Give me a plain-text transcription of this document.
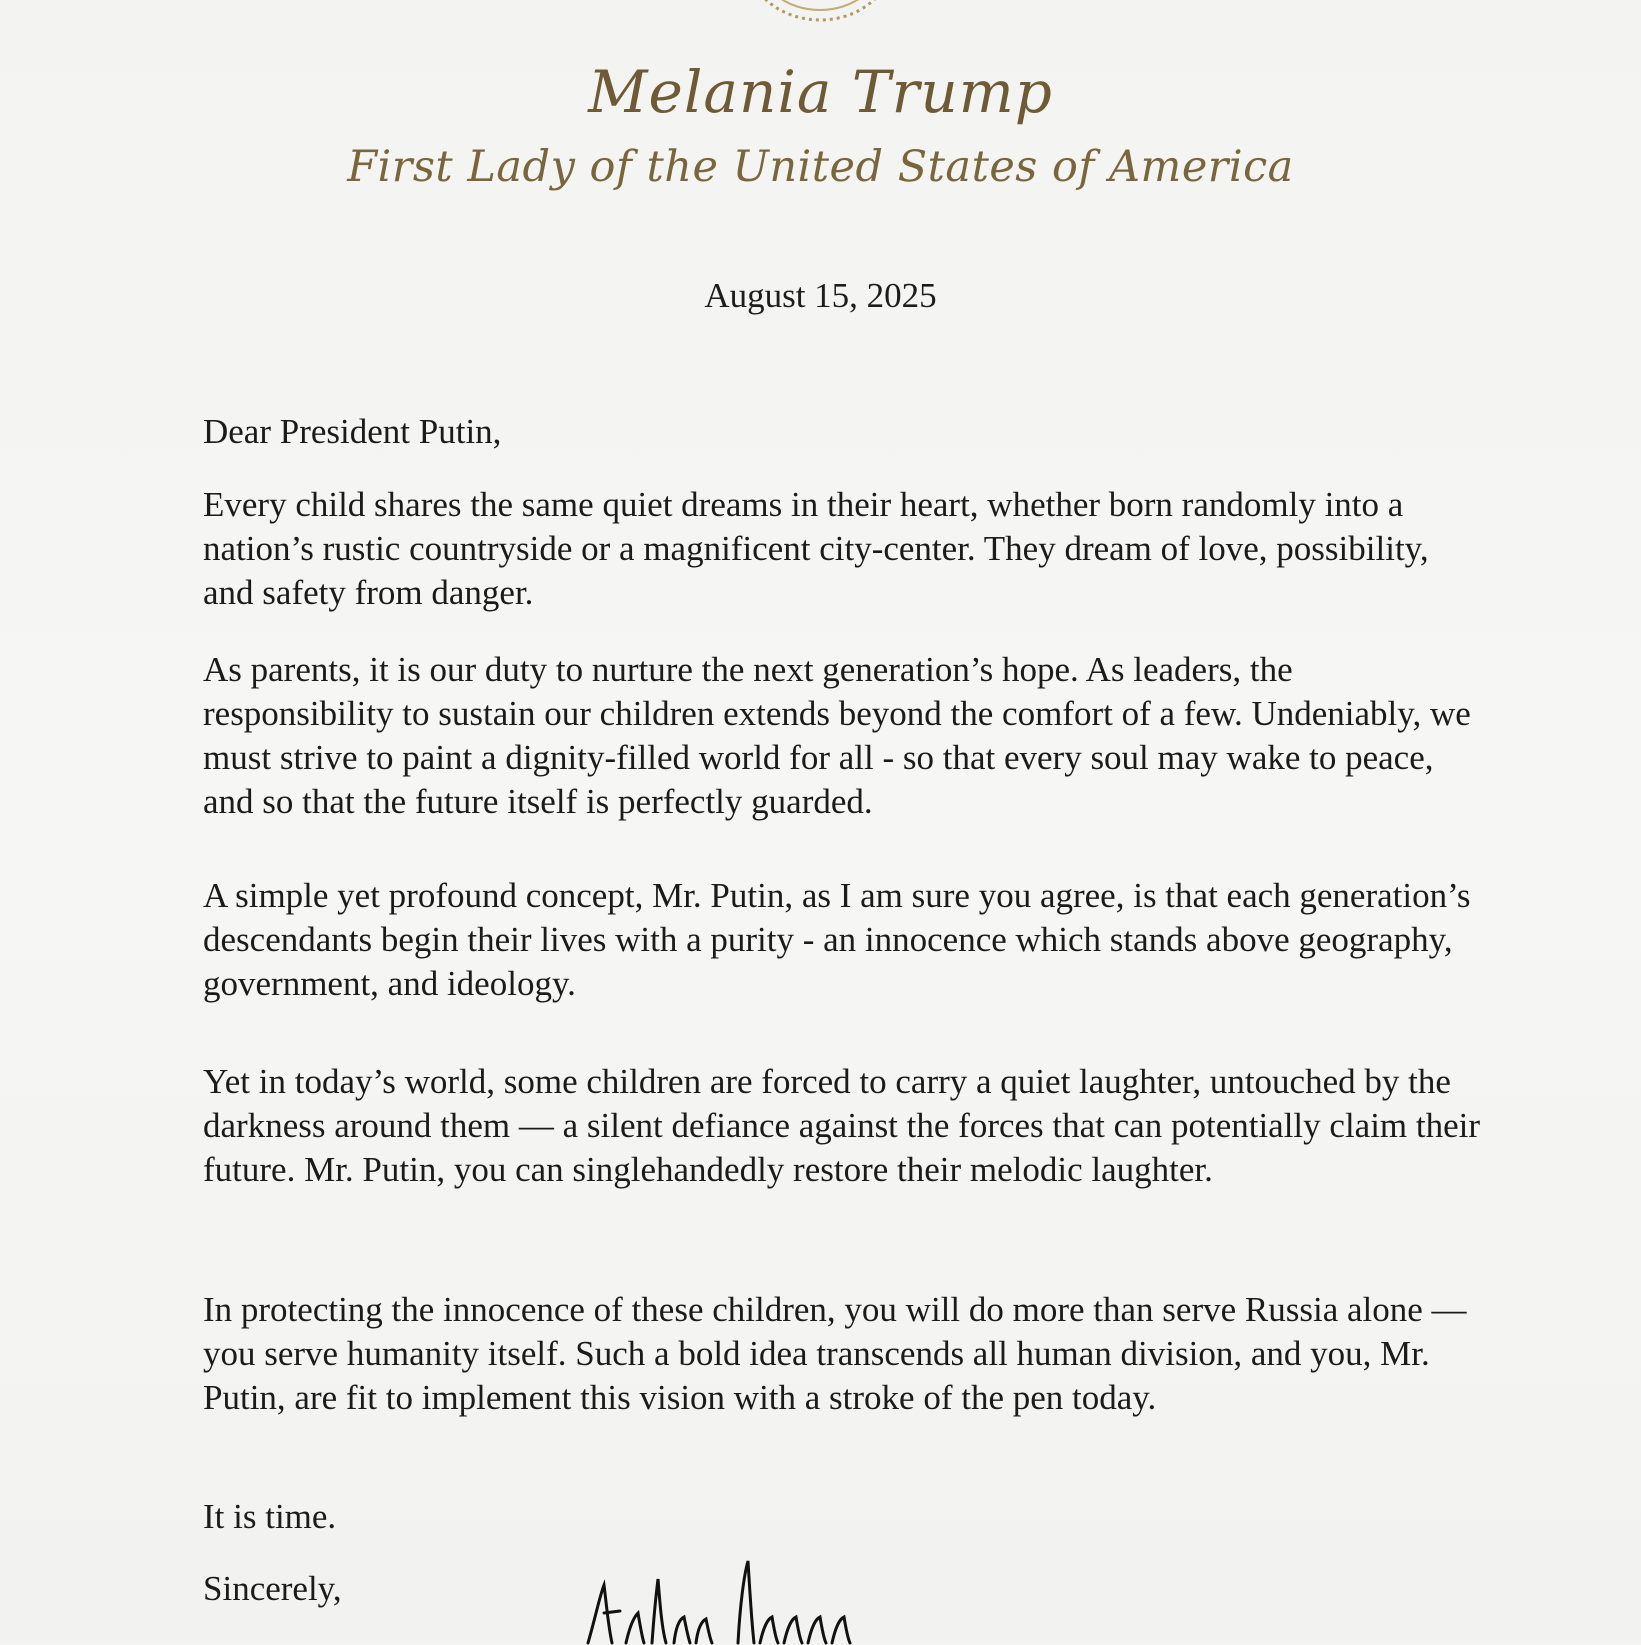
Melania Trump
First Lady of the United States of America
August 15, 2025

Dear President Putin,

Every child shares the same quiet dreams in their heart, whether born randomly into a nation’s rustic countryside or a magnificent city-center. They dream of love, possibility, and safety from danger.

As parents, it is our duty to nurture the next generation’s hope. As leaders, the responsibility to sustain our children extends beyond the comfort of a few. Undeniably, we must strive to paint a dignity-filled world for all - so that every soul may wake to peace, and so that the future itself is perfectly guarded.

A simple yet profound concept, Mr. Putin, as I am sure you agree, is that each generation’s descendants begin their lives with a purity - an innocence which stands above geography, government, and ideology.

Yet in today’s world, some children are forced to carry a quiet laughter, untouched by the darkness around them — a silent defiance against the forces that can potentially claim their future. Mr. Putin, you can singlehandedly restore their melodic laughter.

In protecting the innocence of these children, you will do more than serve Russia alone — you serve humanity itself. Such a bold idea transcends all human division, and you, Mr. Putin, are fit to implement this vision with a stroke of the pen today.

It is time.

Sincerely,
